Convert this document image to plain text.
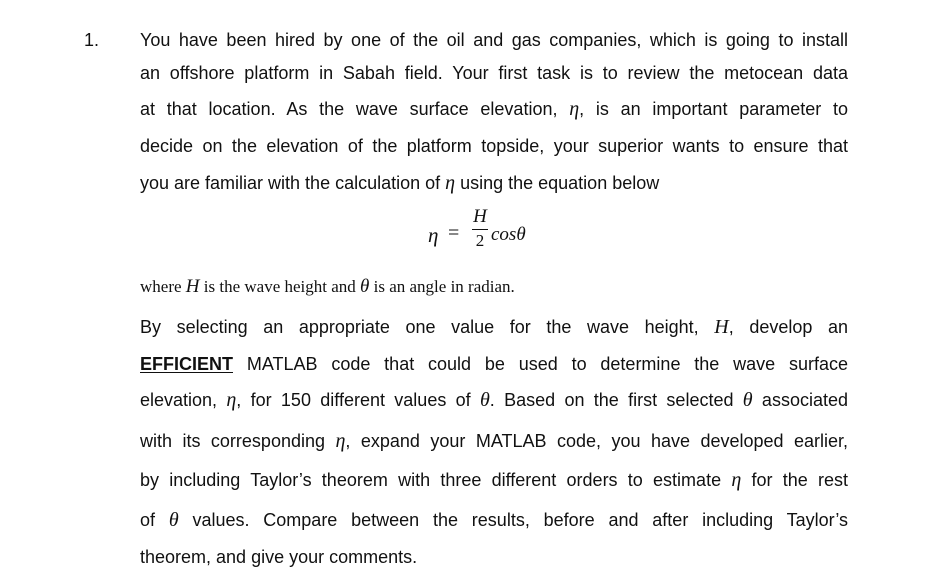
1. You have been hired by one of the oil and gas companies, which is going to install
an offshore platform in Sabah field. Your first task is to review the metocean data
at that location. As the wave surface elevation, η, is an important parameter to
decide on the elevation of the platform topside, your superior wants to ensure that
you are familiar with the calculation of η using the equation below
η =
H
2 cosθ
where H is the wave height and θ is an angle in radian.
By selecting an appropriate one value for the wave height, H, develop an
EFFICIENT MATLAB code that could be used to determine the wave surface
elevation, η, for 150 different values of θ. Based on the first selected θ associated
with its corresponding η, expand your MATLAB code, you have developed earlier,
by including Taylor’s theorem with three different orders to estimate η for the rest
of θ values. Compare between the results, before and after including Taylor’s
theorem, and give your comments.
